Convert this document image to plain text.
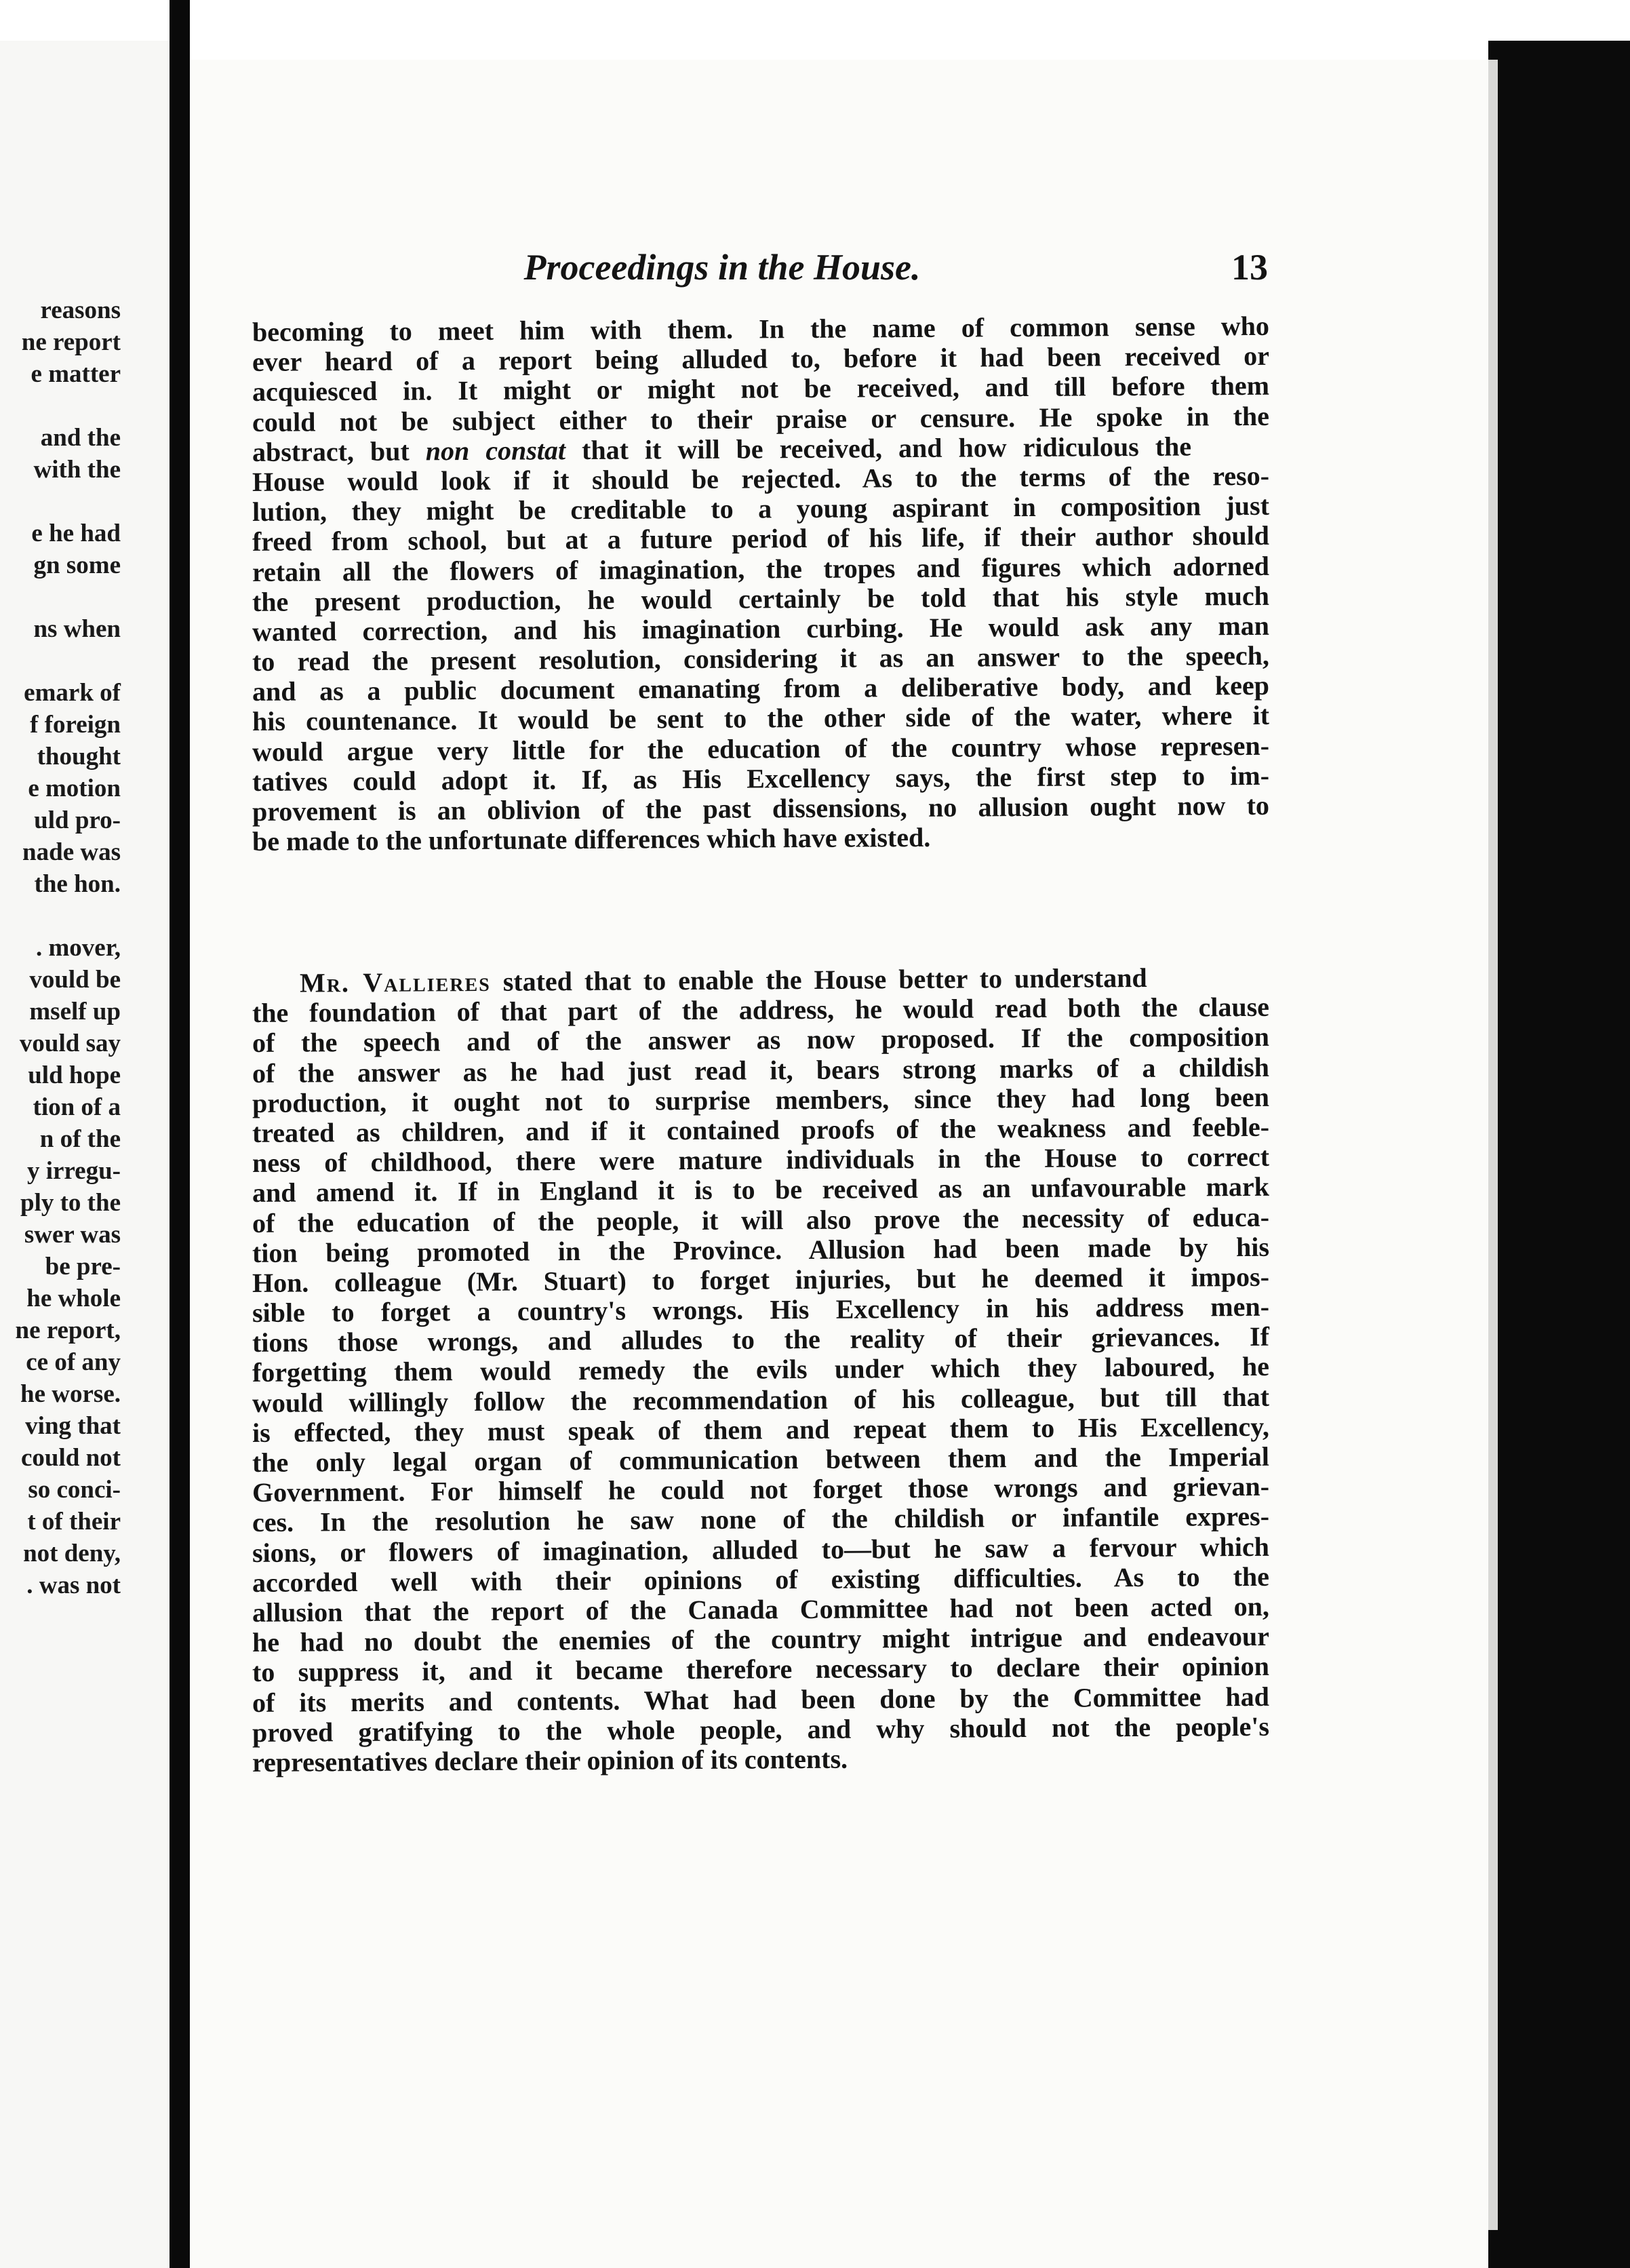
reasons
ne report
e matter

and the
with the

e he had
gn some

ns when

emark of
f foreign
thought
e motion
uld pro-
nade was
the hon.

. mover,
vould be
mself up
vould say
uld hope
tion of a
n of the
y irregu-
ply to the
swer was
be pre-
he whole
ne report,
ce of any
he worse.
ving that
could not
so conci-
t of their
not deny,
. was not
Proceedings in the House.	13
becoming to meet him with them. In the name of common sense who
ever heard of a report being alluded to, before it had been received or
acquiesced in. It might or might not be received, and till before them
could not be subject either to their praise or censure. He spoke in the
abstract, but non constat that it will be received, and how ridiculous the
House would look if it should be rejected. As to the terms of the reso-
lution, they might be creditable to a young aspirant in composition just
freed from school, but at a future period of his life, if their author should
retain all the flowers of imagination, the tropes and figures which adorned
the present production, he would certainly be told that his style much
wanted correction, and his imagination curbing. He would ask any man
to read the present resolution, considering it as an answer to the speech,
and as a public document emanating from a deliberative body, and keep
his countenance. It would be sent to the other side of the water, where it
would argue very little for the education of the country whose represen-
tatives could adopt it. If, as His Excellency says, the first step to im-
provement is an oblivion of the past dissensions, no allusion ought now to
be made to the unfortunate differences which have existed.
Mr. Vallieres stated that to enable the House better to understand
the foundation of that part of the address, he would read both the clause
of the speech and of the answer as now proposed. If the composition
of the answer as he had just read it, bears strong marks of a childish
production, it ought not to surprise members, since they had long been
treated as children, and if it contained proofs of the weakness and feeble-
ness of childhood, there were mature individuals in the House to correct
and amend it. If in England it is to be received as an unfavourable mark
of the education of the people, it will also prove the necessity of educa-
tion being promoted in the Province. Allusion had been made by his
Hon. colleague (Mr. Stuart) to forget injuries, but he deemed it impos-
sible to forget a country's wrongs. His Excellency in his address men-
tions those wrongs, and alludes to the reality of their grievances. If
forgetting them would remedy the evils under which they laboured, he
would willingly follow the recommendation of his colleague, but till that
is effected, they must speak of them and repeat them to His Excellency,
the only legal organ of communication between them and the Imperial
Government. For himself he could not forget those wrongs and grievan-
ces. In the resolution he saw none of the childish or infantile expres-
sions, or flowers of imagination, alluded to—but he saw a fervour which
accorded well with their opinions of existing difficulties. As to the
allusion that the report of the Canada Committee had not been acted on,
he had no doubt the enemies of the country might intrigue and endeavour
to suppress it, and it became therefore necessary to declare their opinion
of its merits and contents. What had been done by the Committee had
proved gratifying to the whole people, and why should not the people's
representatives declare their opinion of its contents.
